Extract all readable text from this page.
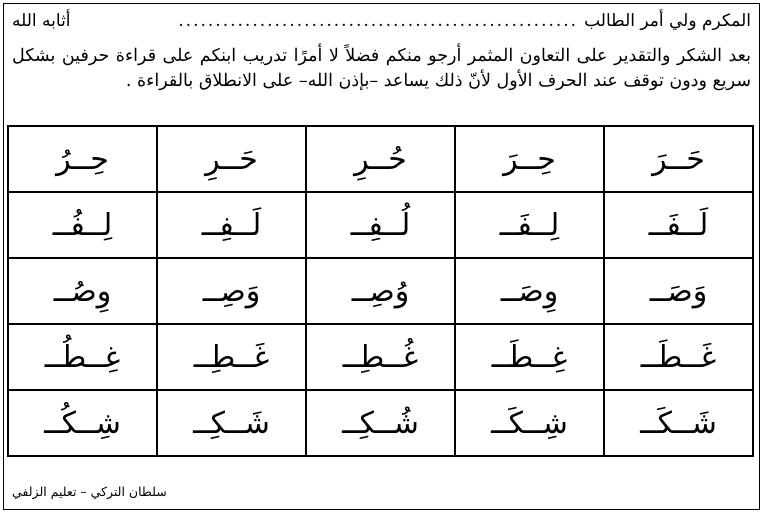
المكرم ولي أمر الطالب
......................................................
أثابه الله
بعد الشكر والتقدير على التعاون المثمر أرجو منكم فضلاً لا أمرًا تدريب ابنكم على قراءة حرفين بشكل سريع ودون توقف عند الحرف الأول لأنّ ذلك يساعد –بإذن الله– على الانطلاق بالقراءة .
حَــرَ	حِــرَ	حُــرِ	حَــرِ	حِــرُ
لَــفَــ	لِــفَــ	لُــفِــ	لَــفِــ	لِــفُــ
وَصَــ	وِصَــ	وُصِــ	وَصِــ	وِصُــ
غَــطَــ	غِــطَــ	غُــطِــ	غَــطِــ	غِــطُــ
شَــكَــ	شِــكَــ	شُــكِــ	شَــكِــ	شِــكُــ
سلطان التركي – تعليم الزلفي
